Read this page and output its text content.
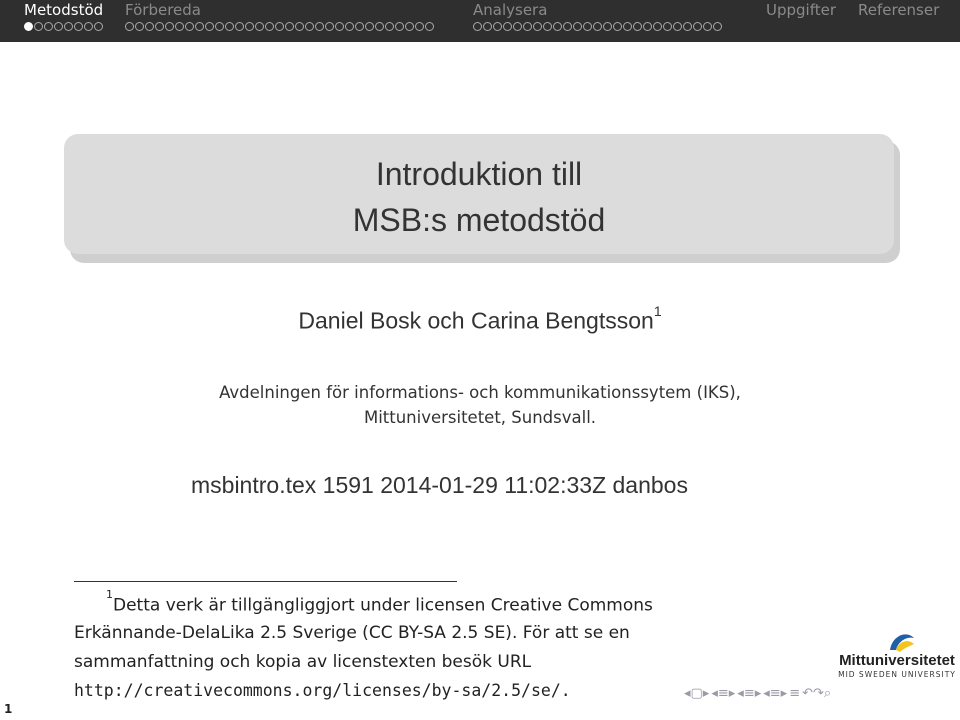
Metodstöd Förbereda	Analysera	Uppgifter Referenser
Introduktion till
MSB:s metodstöd
Daniel Bosk och Carina Bengtsson$^1$
Avdelningen för informations- och kommunikationssytem (IKS),
Mittuniversitetet, Sundsvall.
msbintro.tex 1591 2014-01-29 11:02:33Z danbos
$^1$Detta verk är tillgängliggjort under licensen Creative Commons
Erkännande-DelaLika 2.5 Sverige (CC BY-SA 2.5 SE). För att se en
sammanfattning och kopia av licenstexten besök URL
http://creativecommons.org/licenses/by-sa/2.5/se/.
Mittuniversitetet
MID SWEDEN UNIVERSITY
◂▢▸ ◂≡▸ ◂≡▸ ◂≡▸ ≡ ↶↷⌕
1
